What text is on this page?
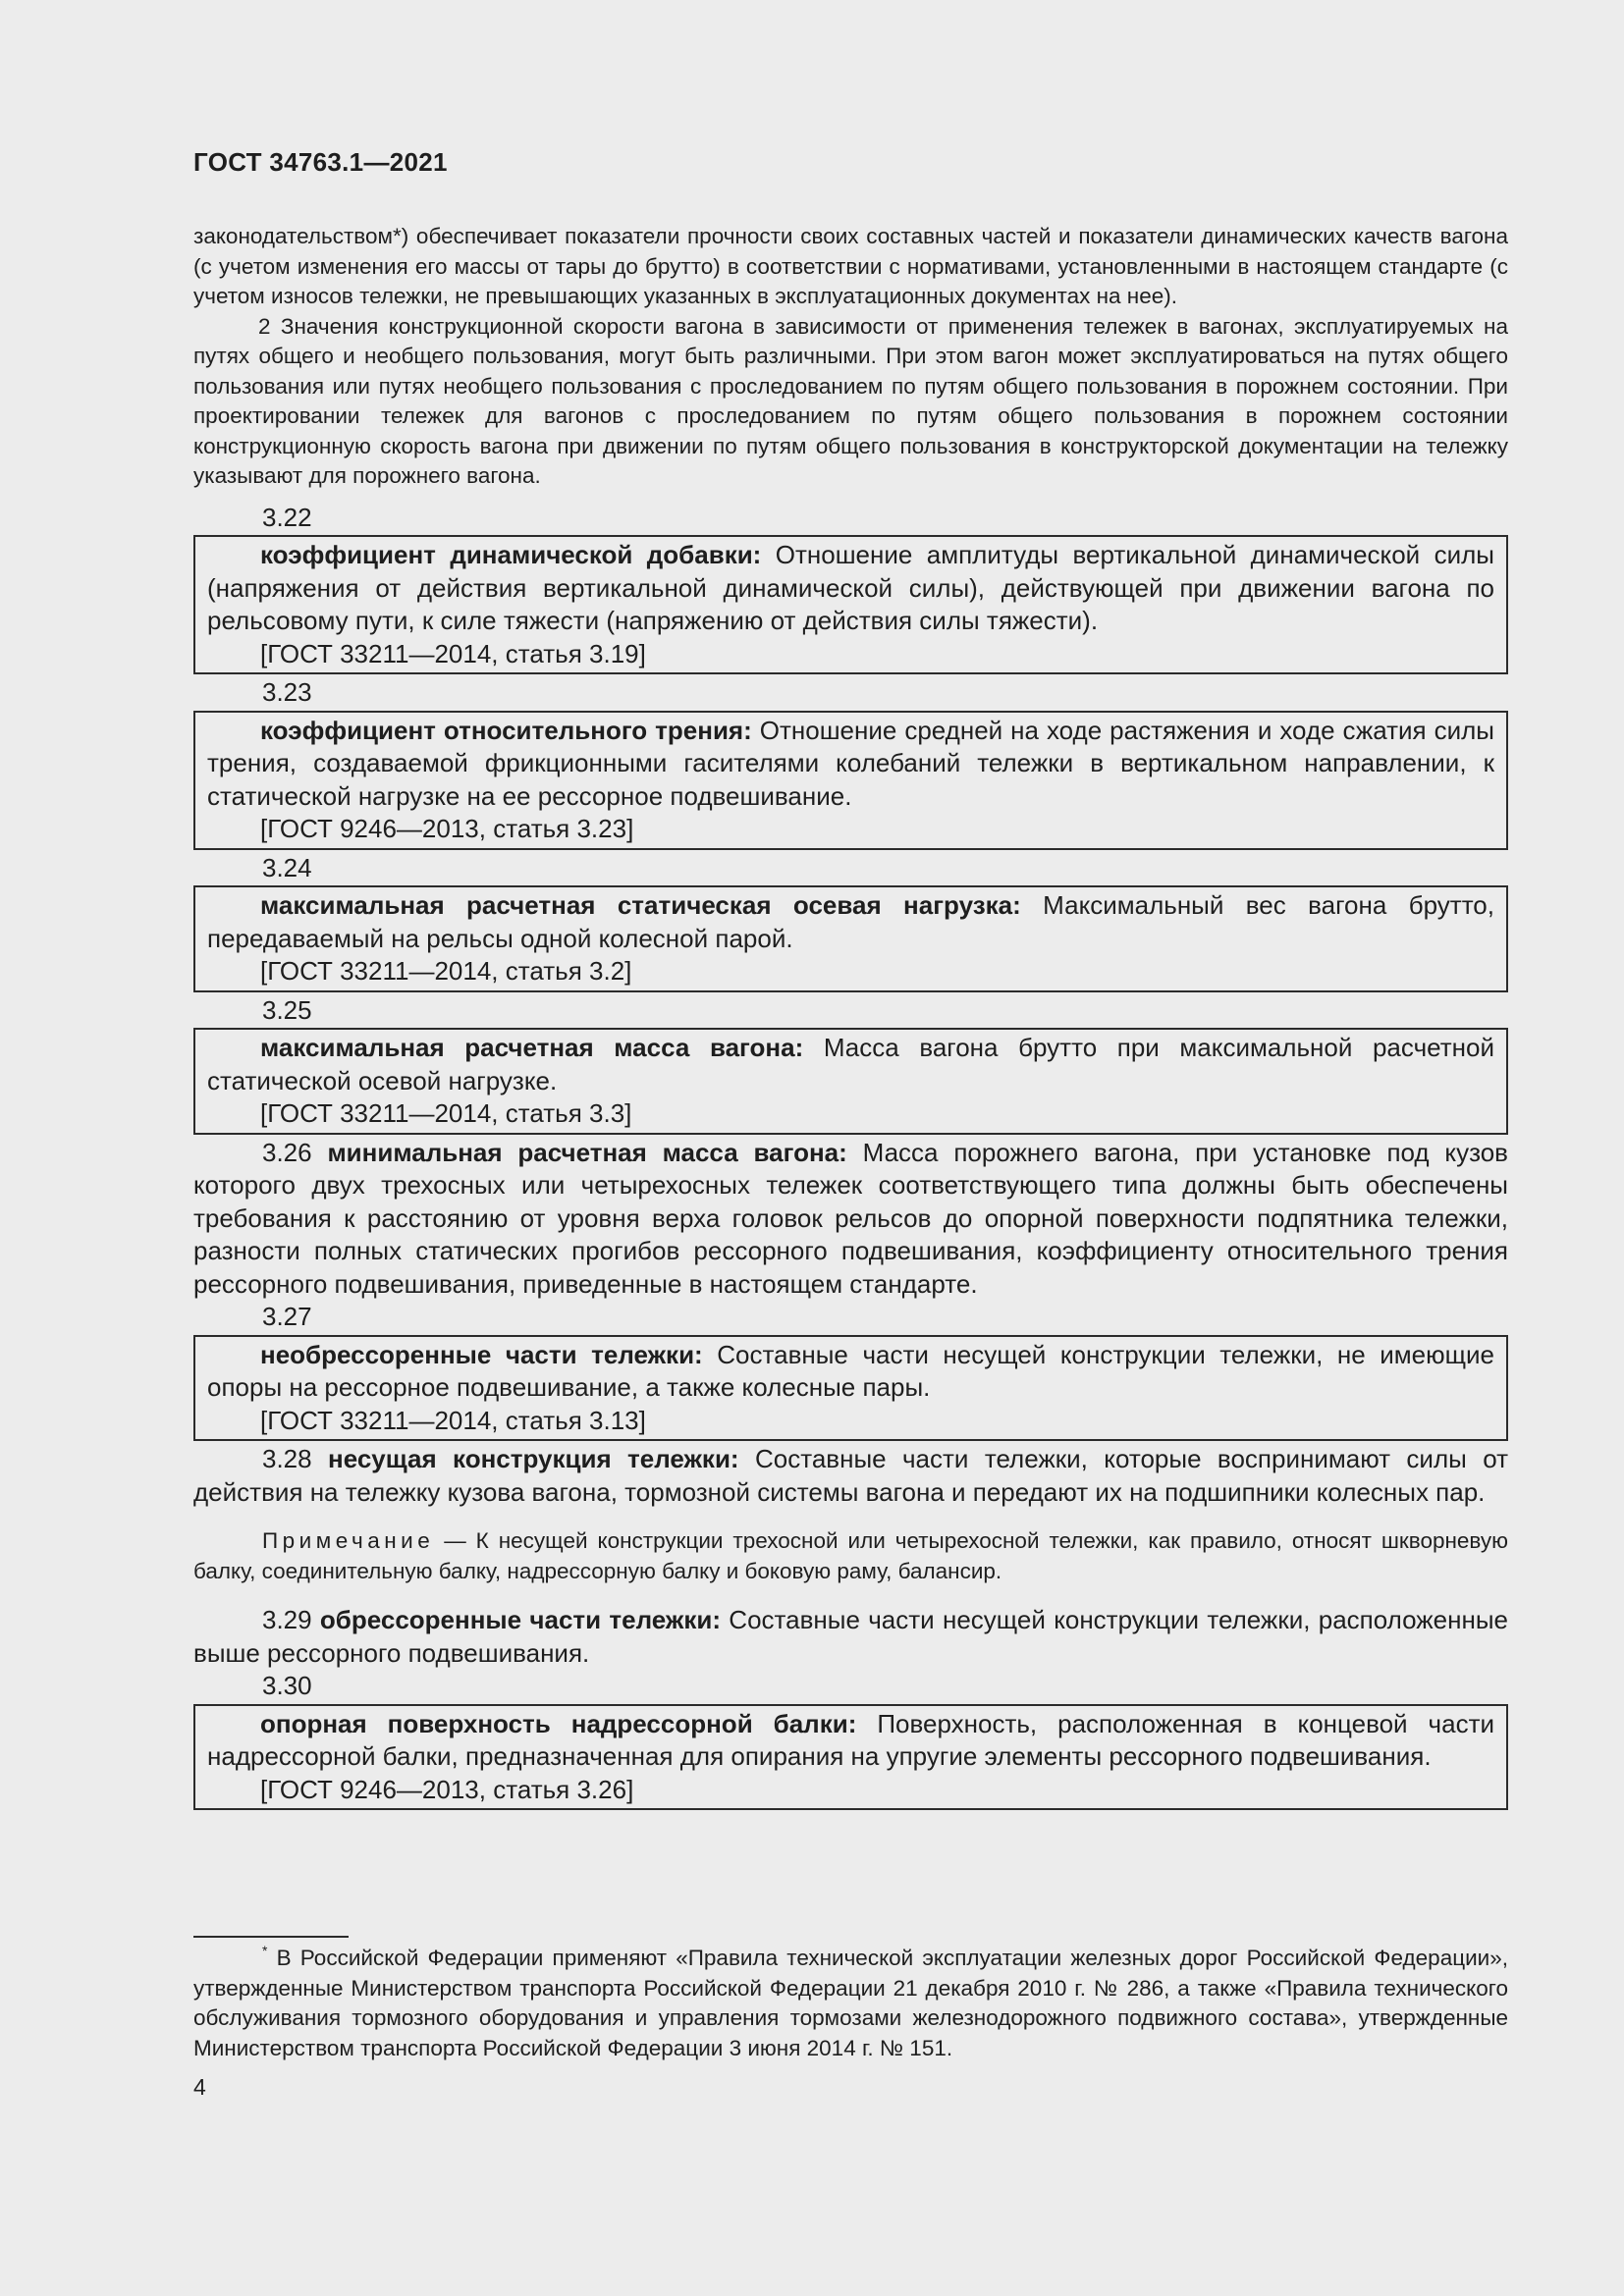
ГОСТ 34763.1—2021

законодательством*) обеспечивает показатели прочности своих составных частей и показатели динамических качеств вагона (с учетом изменения его массы от тары до брутто) в соответствии с нормативами, установленными в настоящем стандарте (с учетом износов тележки, не превышающих указанных в эксплуатационных документах на нее).

2 Значения конструкционной скорости вагона в зависимости от применения тележек в вагонах, эксплуатируемых на путях общего и необщего пользования, могут быть различными. При этом вагон может эксплуатироваться на путях общего пользования или путях необщего пользования с проследованием по путям общего пользования в порожнем состоянии. При проектировании тележек для вагонов с проследованием по путям общего пользования в порожнем состоянии конструкционную скорость вагона при движении по путям общего пользования в конструкторской документации на тележку указывают для порожнего вагона.

3.22

коэффициент динамической добавки: Отношение амплитуды вертикальной динамической силы (напряжения от действия вертикальной динамической силы), действующей при движении вагона по рельсовому пути, к силе тяжести (напряжению от действия силы тяжести).

[ГОСТ 33211—2014, статья 3.19]

3.23

коэффициент относительного трения: Отношение средней на ходе растяжения и ходе сжатия силы трения, создаваемой фрикционными гасителями колебаний тележки в вертикальном направлении, к статической нагрузке на ее рессорное подвешивание.

[ГОСТ 9246—2013, статья 3.23]

3.24

максимальная расчетная статическая осевая нагрузка: Максимальный вес вагона брутто, передаваемый на рельсы одной колесной парой.

[ГОСТ 33211—2014, статья 3.2]

3.25

максимальная расчетная масса вагона: Масса вагона брутто при максимальной расчетной статической осевой нагрузке.

[ГОСТ 33211—2014, статья 3.3]

3.26 минимальная расчетная масса вагона: Масса порожнего вагона, при установке под кузов которого двух трехосных или четырехосных тележек соответствующего типа должны быть обеспечены требования к расстоянию от уровня верха головок рельсов до опорной поверхности подпятника тележки, разности полных статических прогибов рессорного подвешивания, коэффициенту относительного трения рессорного подвешивания, приведенные в настоящем стандарте.

3.27

необрессоренные части тележки: Составные части несущей конструкции тележки, не имеющие опоры на рессорное подвешивание, а также колесные пары.

[ГОСТ 33211—2014, статья 3.13]

3.28 несущая конструкция тележки: Составные части тележки, которые воспринимают силы от действия на тележку кузова вагона, тормозной системы вагона и передают их на подшипники колесных пар.

Примечание — К несущей конструкции трехосной или четырехосной тележки, как правило, относят шкворневую балку, соединительную балку, надрессорную балку и боковую раму, балансир.

3.29 обрессоренные части тележки: Составные части несущей конструкции тележки, расположенные выше рессорного подвешивания.

3.30

опорная поверхность надрессорной балки: Поверхность, расположенная в концевой части надрессорной балки, предназначенная для опирания на упругие элементы рессорного подвешивания.

[ГОСТ 9246—2013, статья 3.26]

* В Российской Федерации применяют «Правила технической эксплуатации железных дорог Российской Федерации», утвержденные Министерством транспорта Российской Федерации 21 декабря 2010 г. № 286, а также «Правила технического обслуживания тормозного оборудования и управления тормозами железнодорожного подвижного состава», утвержденные Министерством транспорта Российской Федерации 3 июня 2014 г. № 151.

4
